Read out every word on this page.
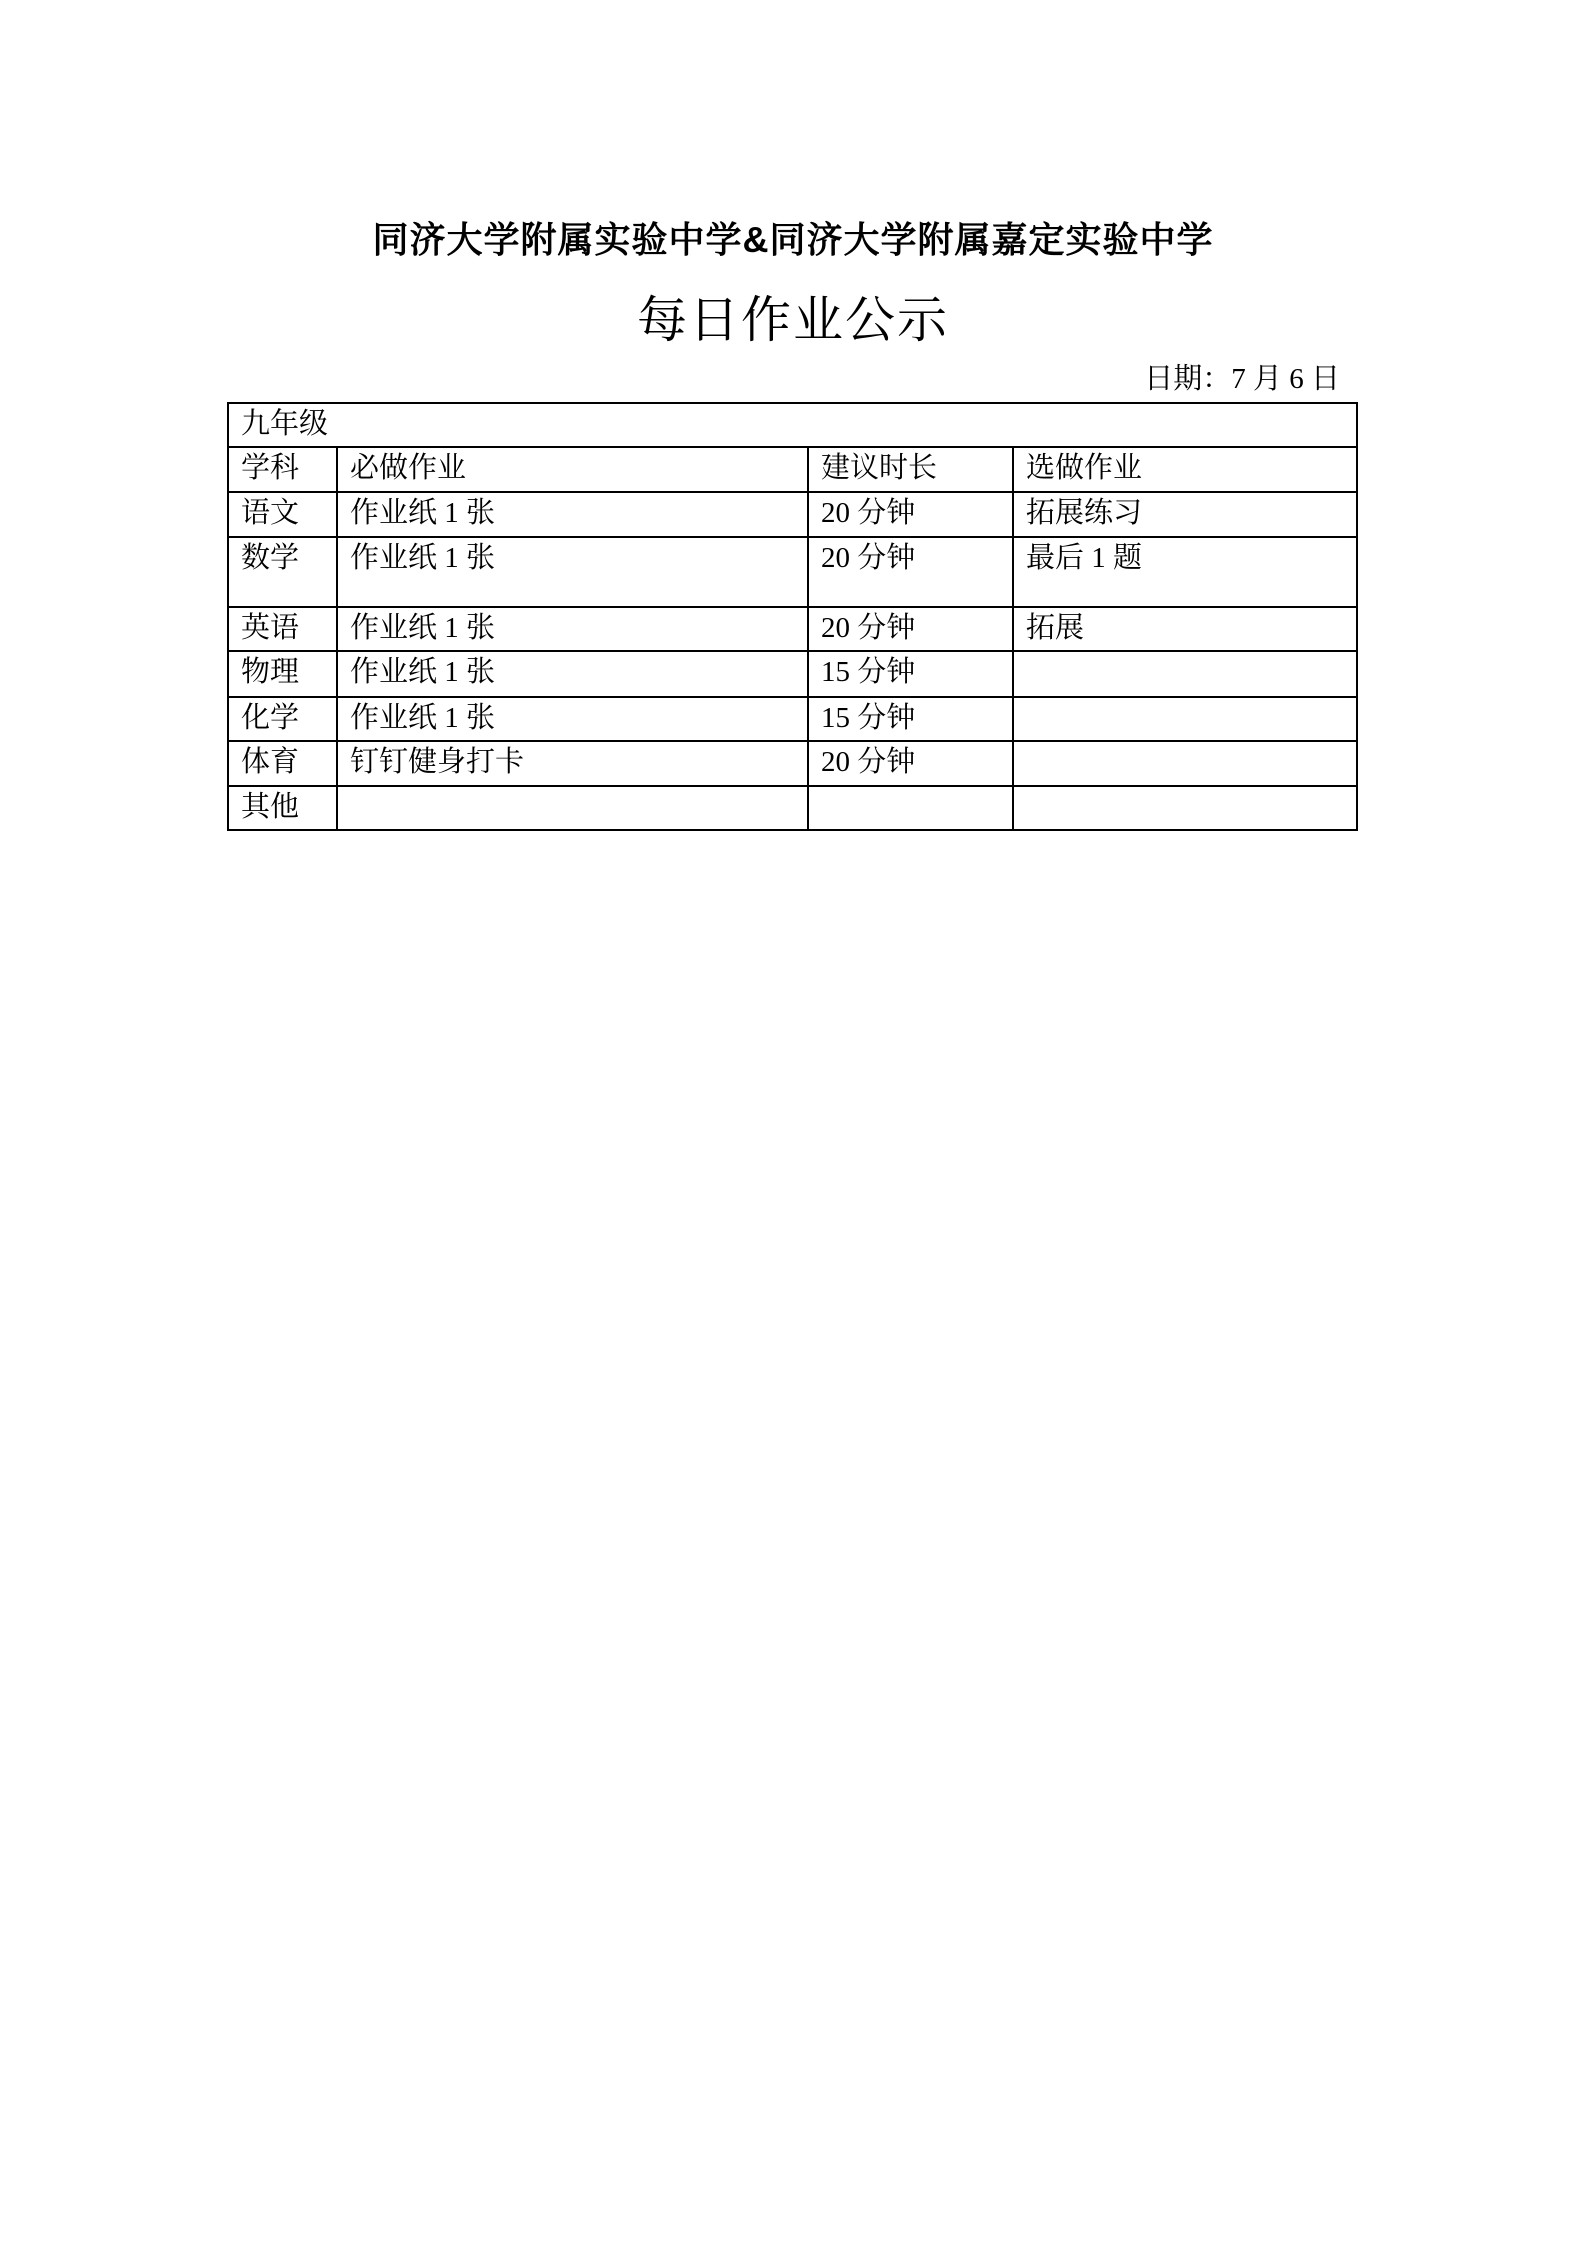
同济大学附属实验中学&同济大学附属嘉定实验中学
每日作业公示
日期：7 月 6 日
九年级			
学科	必做作业	建议时长	选做作业
语文	作业纸 1 张	20 分钟	拓展练习
数学	作业纸 1 张	20 分钟	最后 1 题
英语	作业纸 1 张	20 分钟	拓展
物理	作业纸 1 张	15 分钟	
化学	作业纸 1 张	15 分钟	
体育	钉钉健身打卡	20 分钟	
其他			
